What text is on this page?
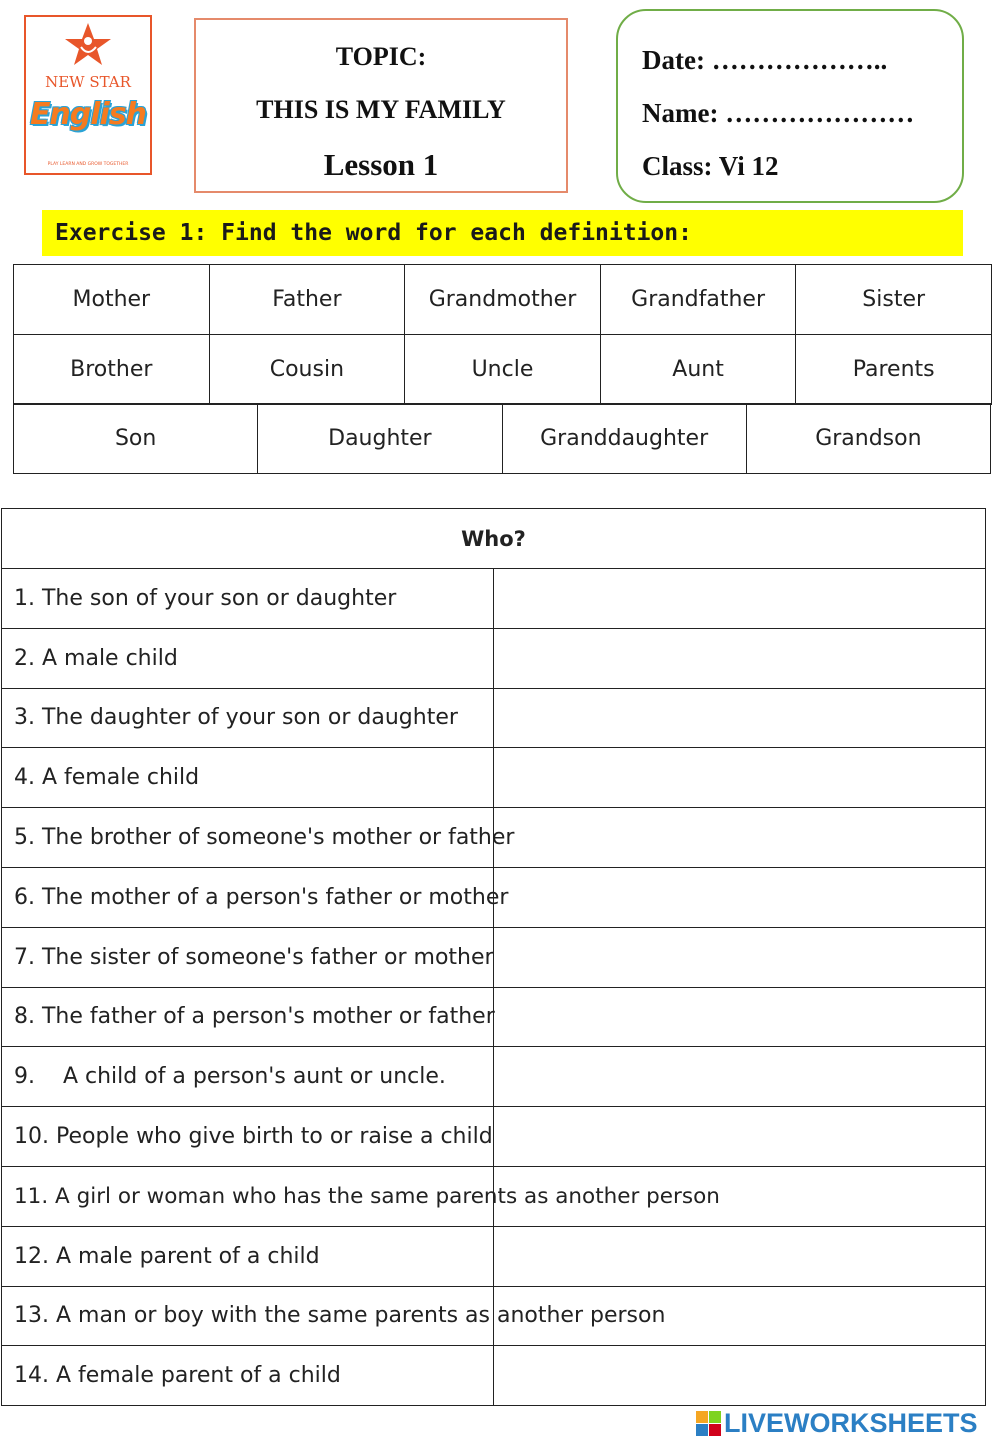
NEW STAR
English
PLAY LEARN AND GROW TOGETHER
TOPIC:
THIS IS MY FAMILY
Lesson 1
Date: ………………..
Name: …………………
Class: Vi 12
Exercise 1: Find the word for each definition:
Mother	Father	Grandmother	Grandfather	Sister
Brother	Cousin	Uncle	Aunt	Parents
Son	Daughter	Granddaughter	Grandson
Who?	
1. The son of your son or daughter	
2. A male child	
3. The daughter of your son or daughter	
4. A female child	
5. The brother of someone's mother or father	
6. The mother of a person's father or mother	
7. The sister of someone's father or mother	
8. The father of a person's mother or father	
9.    A child of a person's aunt or uncle.	
10. People who give birth to or raise a child	
11. A girl or woman who has the same parents as another person	
12. A male parent of a child	
13. A man or boy with the same parents as another person	
14. A female parent of a child	
LIVEWORKSHEETS
